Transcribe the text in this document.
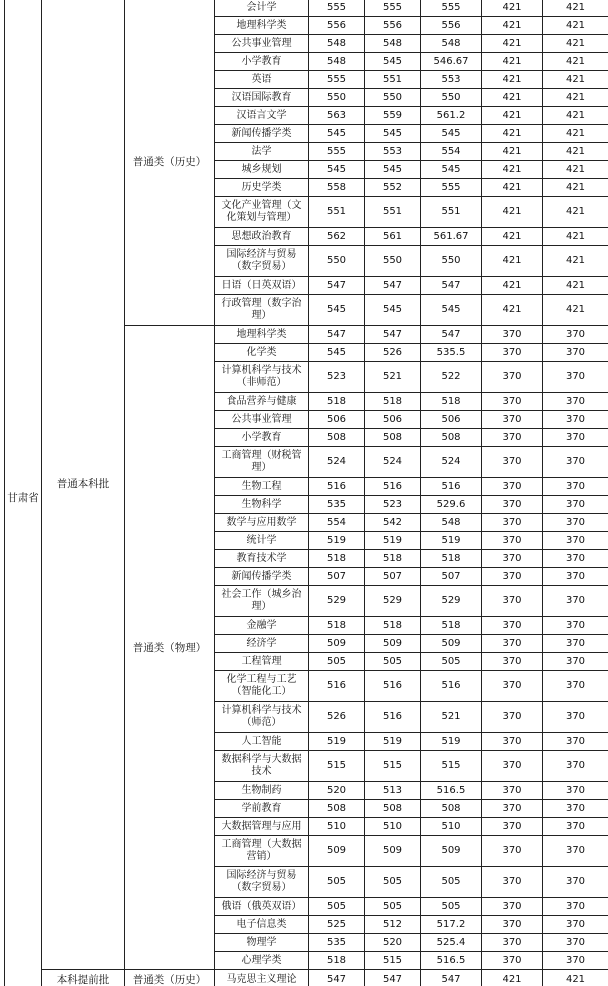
甘肃省	普通本科批	普通类（历史）	会计学	555	555	555	421	421
			地理科学类	556	556	556	421	421
			公共事业管理	548	548	548	421	421
			小学教育	548	545	546.67	421	421
			英语	555	551	553	421	421
			汉语国际教育	550	550	550	421	421
			汉语言文学	563	559	561.2	421	421
			新闻传播学类	545	545	545	421	421
			法学	555	553	554	421	421
			城乡规划	545	545	545	421	421
			历史学类	558	552	555	421	421
			文化产业管理（文化策划与管理）	551	551	551	421	421
			思想政治教育	562	561	561.67	421	421
			国际经济与贸易（数字贸易）	550	550	550	421	421
			日语（日英双语）	547	547	547	421	421
			行政管理（数字治理）	545	545	545	421	421
		普通类（物理）	地理科学类	547	547	547	370	370
			化学类	545	526	535.5	370	370
			计算机科学与技术（非师范）	523	521	522	370	370
			食品营养与健康	518	518	518	370	370
			公共事业管理	506	506	506	370	370
			小学教育	508	508	508	370	370
			工商管理（财税管理）	524	524	524	370	370
			生物工程	516	516	516	370	370
			生物科学	535	523	529.6	370	370
			数学与应用数学	554	542	548	370	370
			统计学	519	519	519	370	370
			教育技术学	518	518	518	370	370
			新闻传播学类	507	507	507	370	370
			社会工作（城乡治理）	529	529	529	370	370
			金融学	518	518	518	370	370
			经济学	509	509	509	370	370
			工程管理	505	505	505	370	370
			化学工程与工艺（智能化工）	516	516	516	370	370
			计算机科学与技术（师范）	526	516	521	370	370
			人工智能	519	519	519	370	370
			数据科学与大数据技术	515	515	515	370	370
			生物制药	520	513	516.5	370	370
			学前教育	508	508	508	370	370
			大数据管理与应用	510	510	510	370	370
			工商管理（大数据营销）	509	509	509	370	370
			国际经济与贸易（数字贸易）	505	505	505	370	370
			俄语（俄英双语）	505	505	505	370	370
			电子信息类	525	512	517.2	370	370
			物理学	535	520	525.4	370	370
			心理学类	518	515	516.5	370	370
	本科提前批	普通类（历史）	马克思主义理论	547	547	547	421	421
